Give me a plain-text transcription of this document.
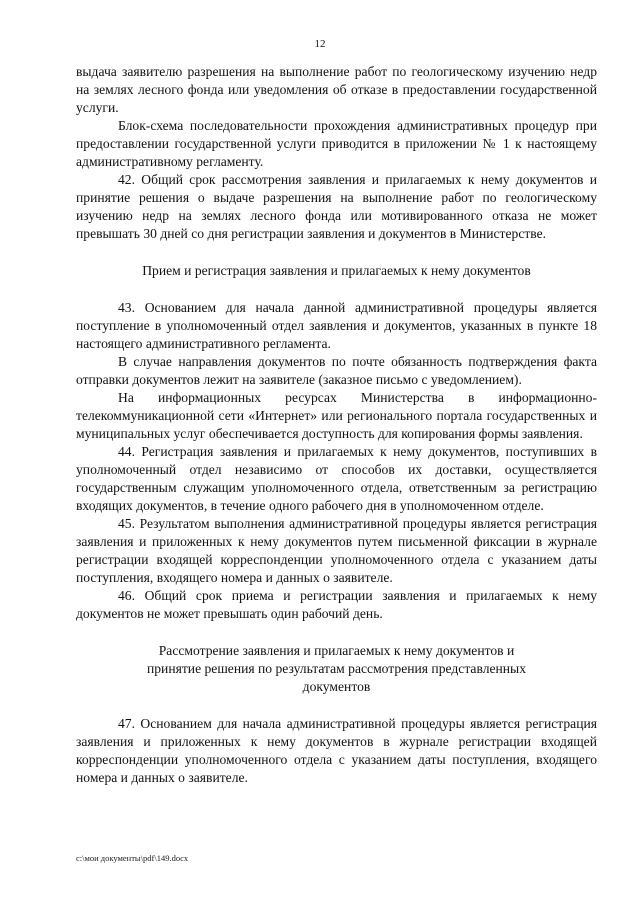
12

выдача заявителю разрешения на выполнение работ по геологическому изучению недр на землях лесного фонда или уведомления об отказе в предоставлении государственной услуги.

Блок-схема последовательности прохождения административных процедур при предоставлении государственной услуги приводится в приложении № 1 к настоящему административному регламенту.

42. Общий срок рассмотрения заявления и прилагаемых к нему документов и принятие решения о выдаче разрешения на выполнение работ по геологическому изучению недр на землях лесного фонда или мотивированного отказа не может превышать 30 дней со дня регистрации заявления и документов в Министерстве.

Прием и регистрация заявления и прилагаемых к нему документов

43. Основанием для начала данной административной процедуры является поступление в уполномоченный отдел заявления и документов, указанных в пункте 18 настоящего административного регламента.

В случае направления документов по почте обязанность подтверждения факта отправки документов лежит на заявителе (заказное письмо с уведомлением).

На информационных ресурсах Министерства в информационно-телекоммуникационной сети «Интернет» или регионального портала государственных и муниципальных услуг обеспечивается доступность для копирования формы заявления.

44. Регистрация заявления и прилагаемых к нему документов, поступивших в уполномоченный отдел независимо от способов их доставки, осуществляется государственным служащим уполномоченного отдела, ответственным за регистрацию входящих документов, в течение одного рабочего дня в уполномоченном отделе.

45. Результатом выполнения административной процедуры является регистрация заявления и приложенных к нему документов путем письменной фиксации в журнале регистрации входящей корреспонденции уполномоченного отдела с указанием даты поступления, входящего номера и данных о заявителе.

46. Общий срок приема и регистрации заявления и прилагаемых к нему документов не может превышать один рабочий день.

Рассмотрение заявления и прилагаемых к нему документов и

принятие решения по результатам рассмотрения представленных

документов

47. Основанием для начала административной процедуры является регистрация заявления и приложенных к нему документов в журнале регистрации входящей корреспонденции уполномоченного отдела с указанием даты поступления, входящего номера и данных о заявителе.

c:\мои документы\pdf\149.docx
